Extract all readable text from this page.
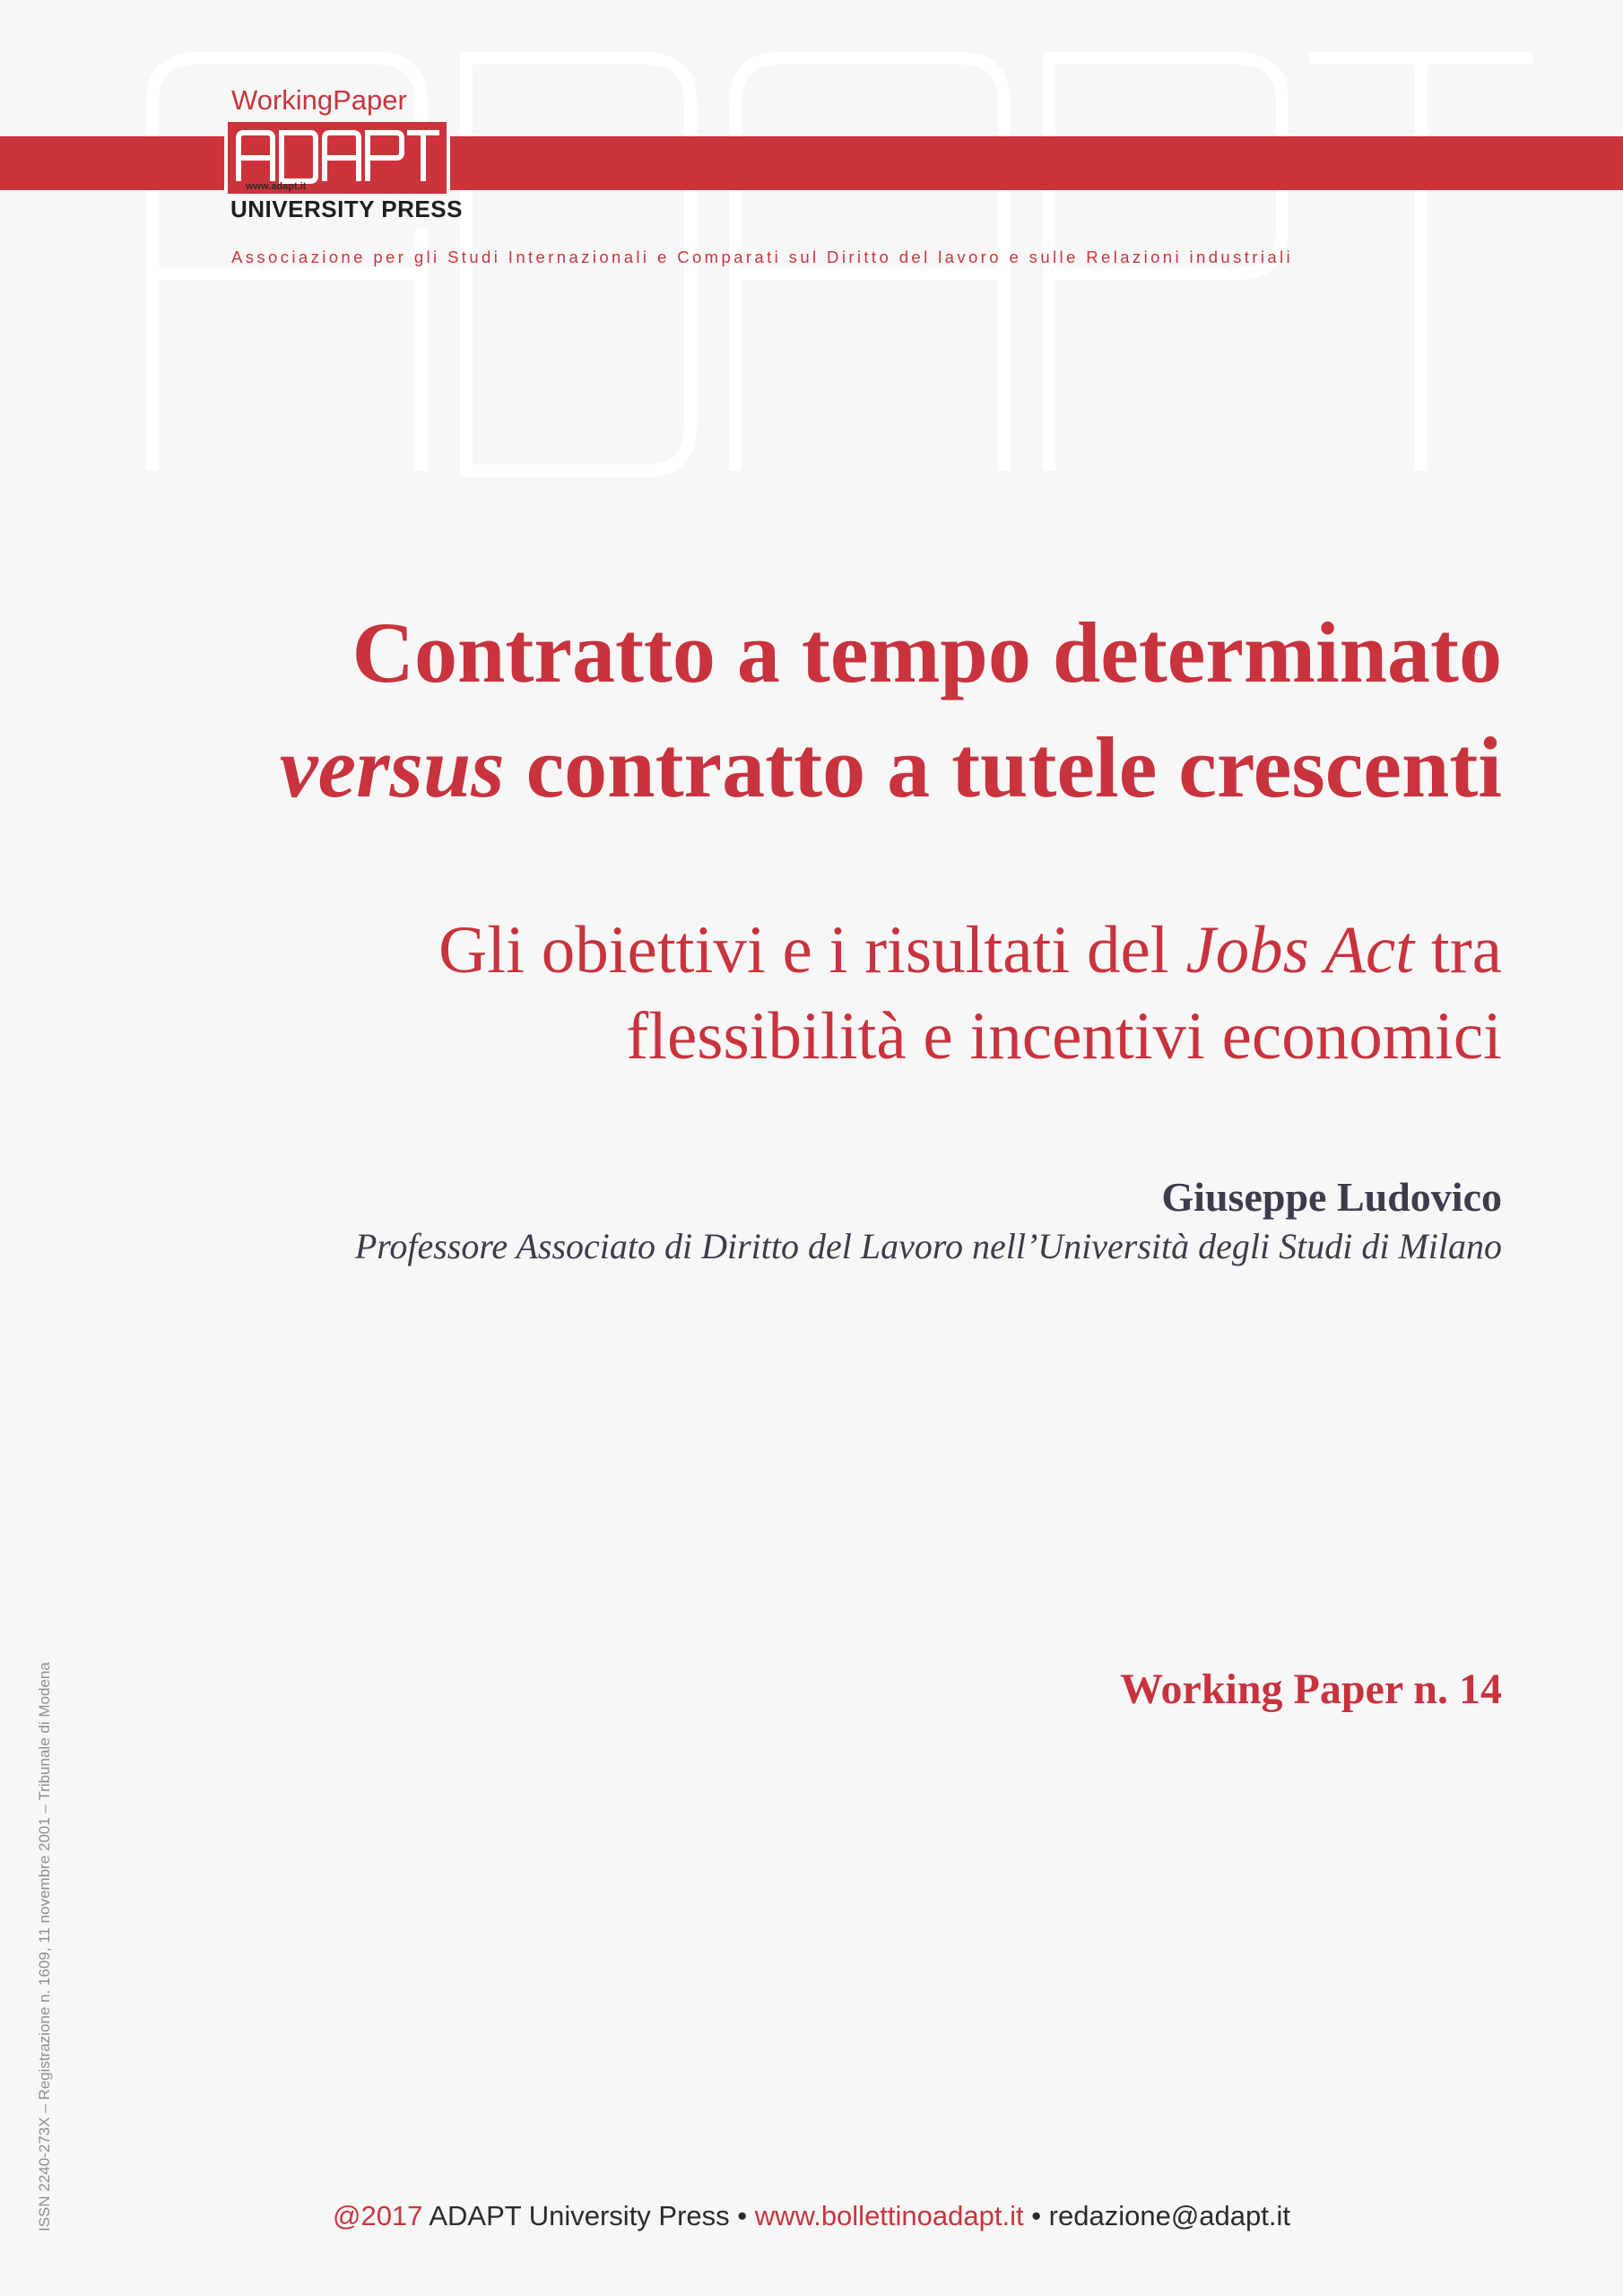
WorkingPaper
www.adapt.it
UNIVERSITY PRESS
Associazione per gli Studi Internazionali e Comparati sul Diritto del lavoro e sulle Relazioni industriali
Contratto a tempo determinato
versus contratto a tutele crescenti
Gli obiettivi e i risultati del Jobs Act tra
flessibilità e incentivi economici
Giuseppe Ludovico
Professore Associato di Diritto del Lavoro nell’Università degli Studi di Milano
Working Paper n. 14
ISSN 2240-273X – Registrazione n. 1609, 11 novembre 2001 – Tribunale di Modena	@2017 ADAPT University Press • www.bollettinoadapt.it • redazione@adapt.it
